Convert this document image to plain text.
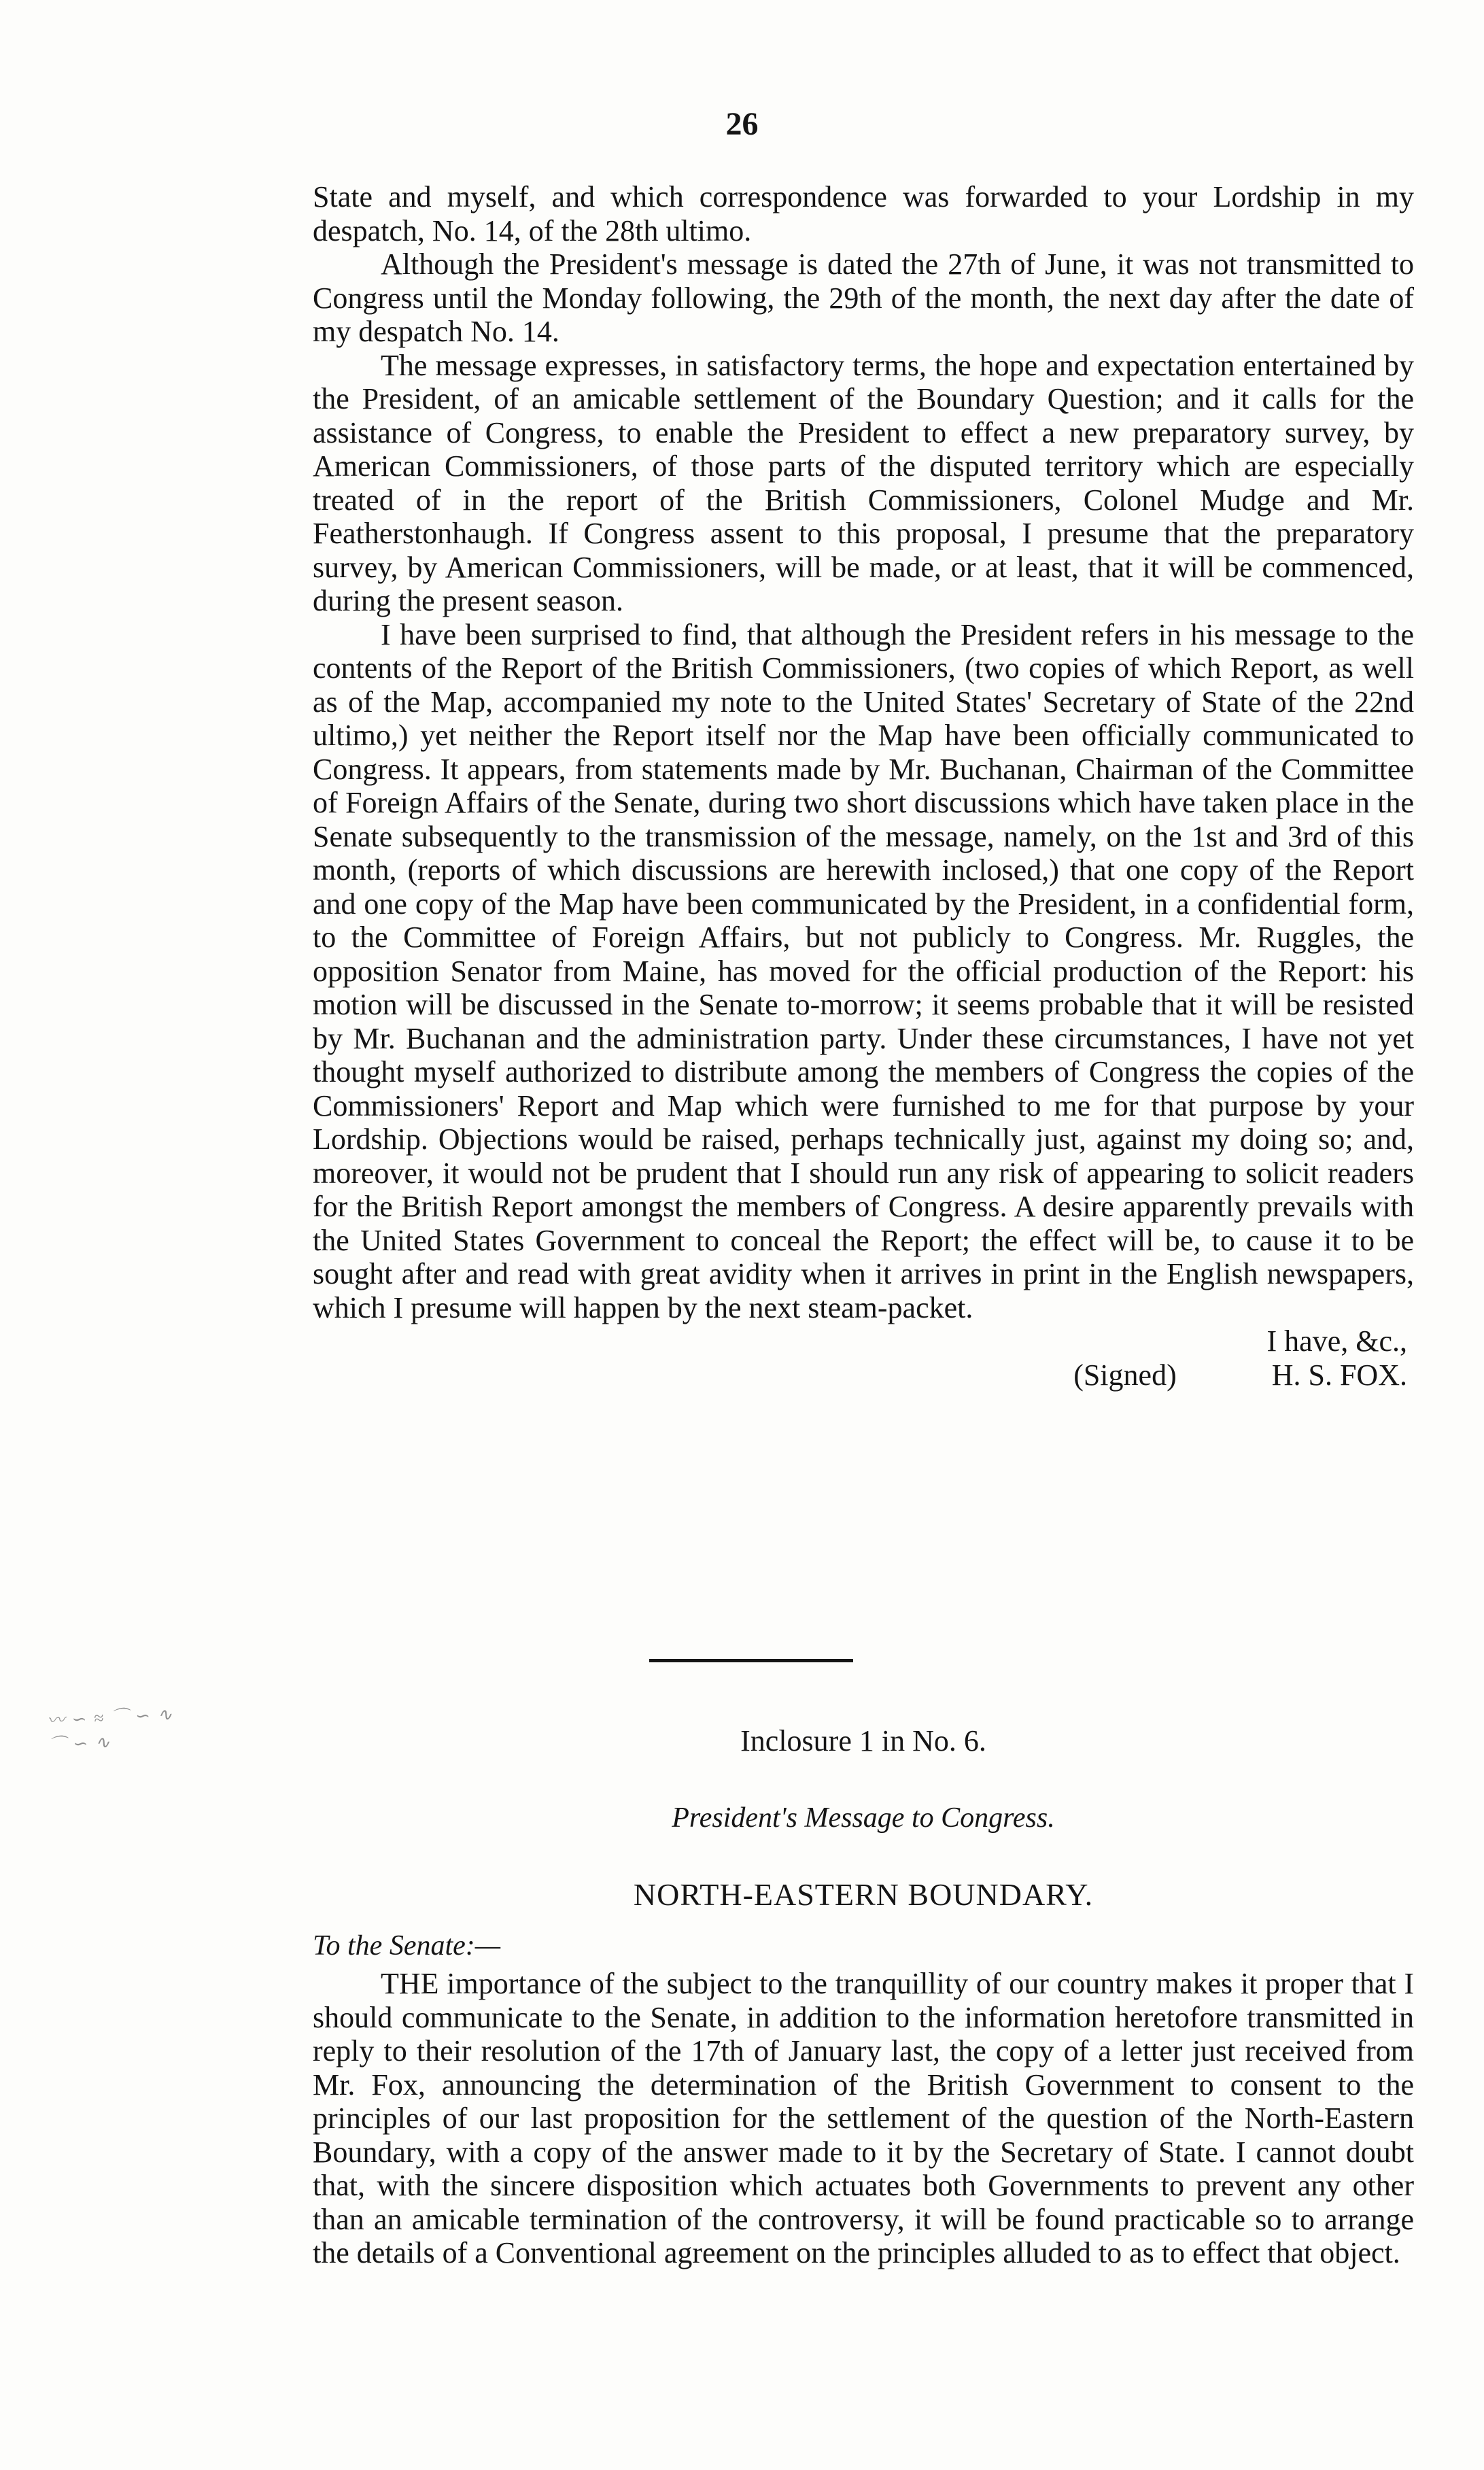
26

State and myself, and which correspondence was forwarded to your Lordship in my despatch, No. 14, of the 28th ultimo.

Although the President's message is dated the 27th of June, it was not transmitted to Congress until the Monday following, the 29th of the month, the next day after the date of my despatch No. 14.

The message expresses, in satisfactory terms, the hope and expectation entertained by the President, of an amicable settlement of the Boundary Question; and it calls for the assistance of Congress, to enable the President to effect a new preparatory survey, by American Commissioners, of those parts of the disputed territory which are especially treated of in the report of the British Commissioners, Colonel Mudge and Mr. Featherstonhaugh. If Congress assent to this proposal, I presume that the preparatory survey, by American Commissioners, will be made, or at least, that it will be commenced, during the present season.

I have been surprised to find, that although the President refers in his message to the contents of the Report of the British Commissioners, (two copies of which Report, as well as of the Map, accompanied my note to the United States' Secretary of State of the 22nd ultimo,) yet neither the Report itself nor the Map have been officially communicated to Congress. It appears, from statements made by Mr. Buchanan, Chairman of the Committee of Foreign Affairs of the Senate, during two short discussions which have taken place in the Senate subsequently to the transmission of the message, namely, on the 1st and 3rd of this month, (reports of which discussions are herewith inclosed,) that one copy of the Report and one copy of the Map have been communicated by the President, in a confidential form, to the Committee of Foreign Affairs, but not publicly to Congress. Mr. Ruggles, the opposition Senator from Maine, has moved for the official production of the Report: his motion will be discussed in the Senate to-morrow; it seems probable that it will be resisted by Mr. Buchanan and the administration party. Under these circumstances, I have not yet thought myself authorized to distribute among the members of Congress the copies of the Commissioners' Report and Map which were furnished to me for that purpose by your Lordship. Objections would be raised, perhaps technically just, against my doing so; and, moreover, it would not be prudent that I should run any risk of appearing to solicit readers for the British Report amongst the members of Congress. A desire apparently prevails with the United States Government to conceal the Report; the effect will be, to cause it to be sought after and read with great avidity when it arrives in print in the English newspapers, which I presume will happen by the next steam-packet.

I have, &c.,
(Signed)	H. S. FOX.
〰 ∽ ≈ ⌒ ∽ ∿
⌒ ∽ ∿	Inclosure 1 in No. 6.
President's Message to Congress.
NORTH-EASTERN BOUNDARY.
To the Senate:—

THE importance of the subject to the tranquillity of our country makes it proper that I should communicate to the Senate, in addition to the information heretofore transmitted in reply to their resolution of the 17th of January last, the copy of a letter just received from Mr. Fox, announcing the determination of the British Government to consent to the principles of our last proposition for the settlement of the question of the North-Eastern Boundary, with a copy of the answer made to it by the Secretary of State. I cannot doubt that, with the sincere disposition which actuates both Governments to prevent any other than an amicable termination of the controversy, it will be found practicable so to arrange the details of a Conventional agreement on the principles alluded to as to effect that object.
